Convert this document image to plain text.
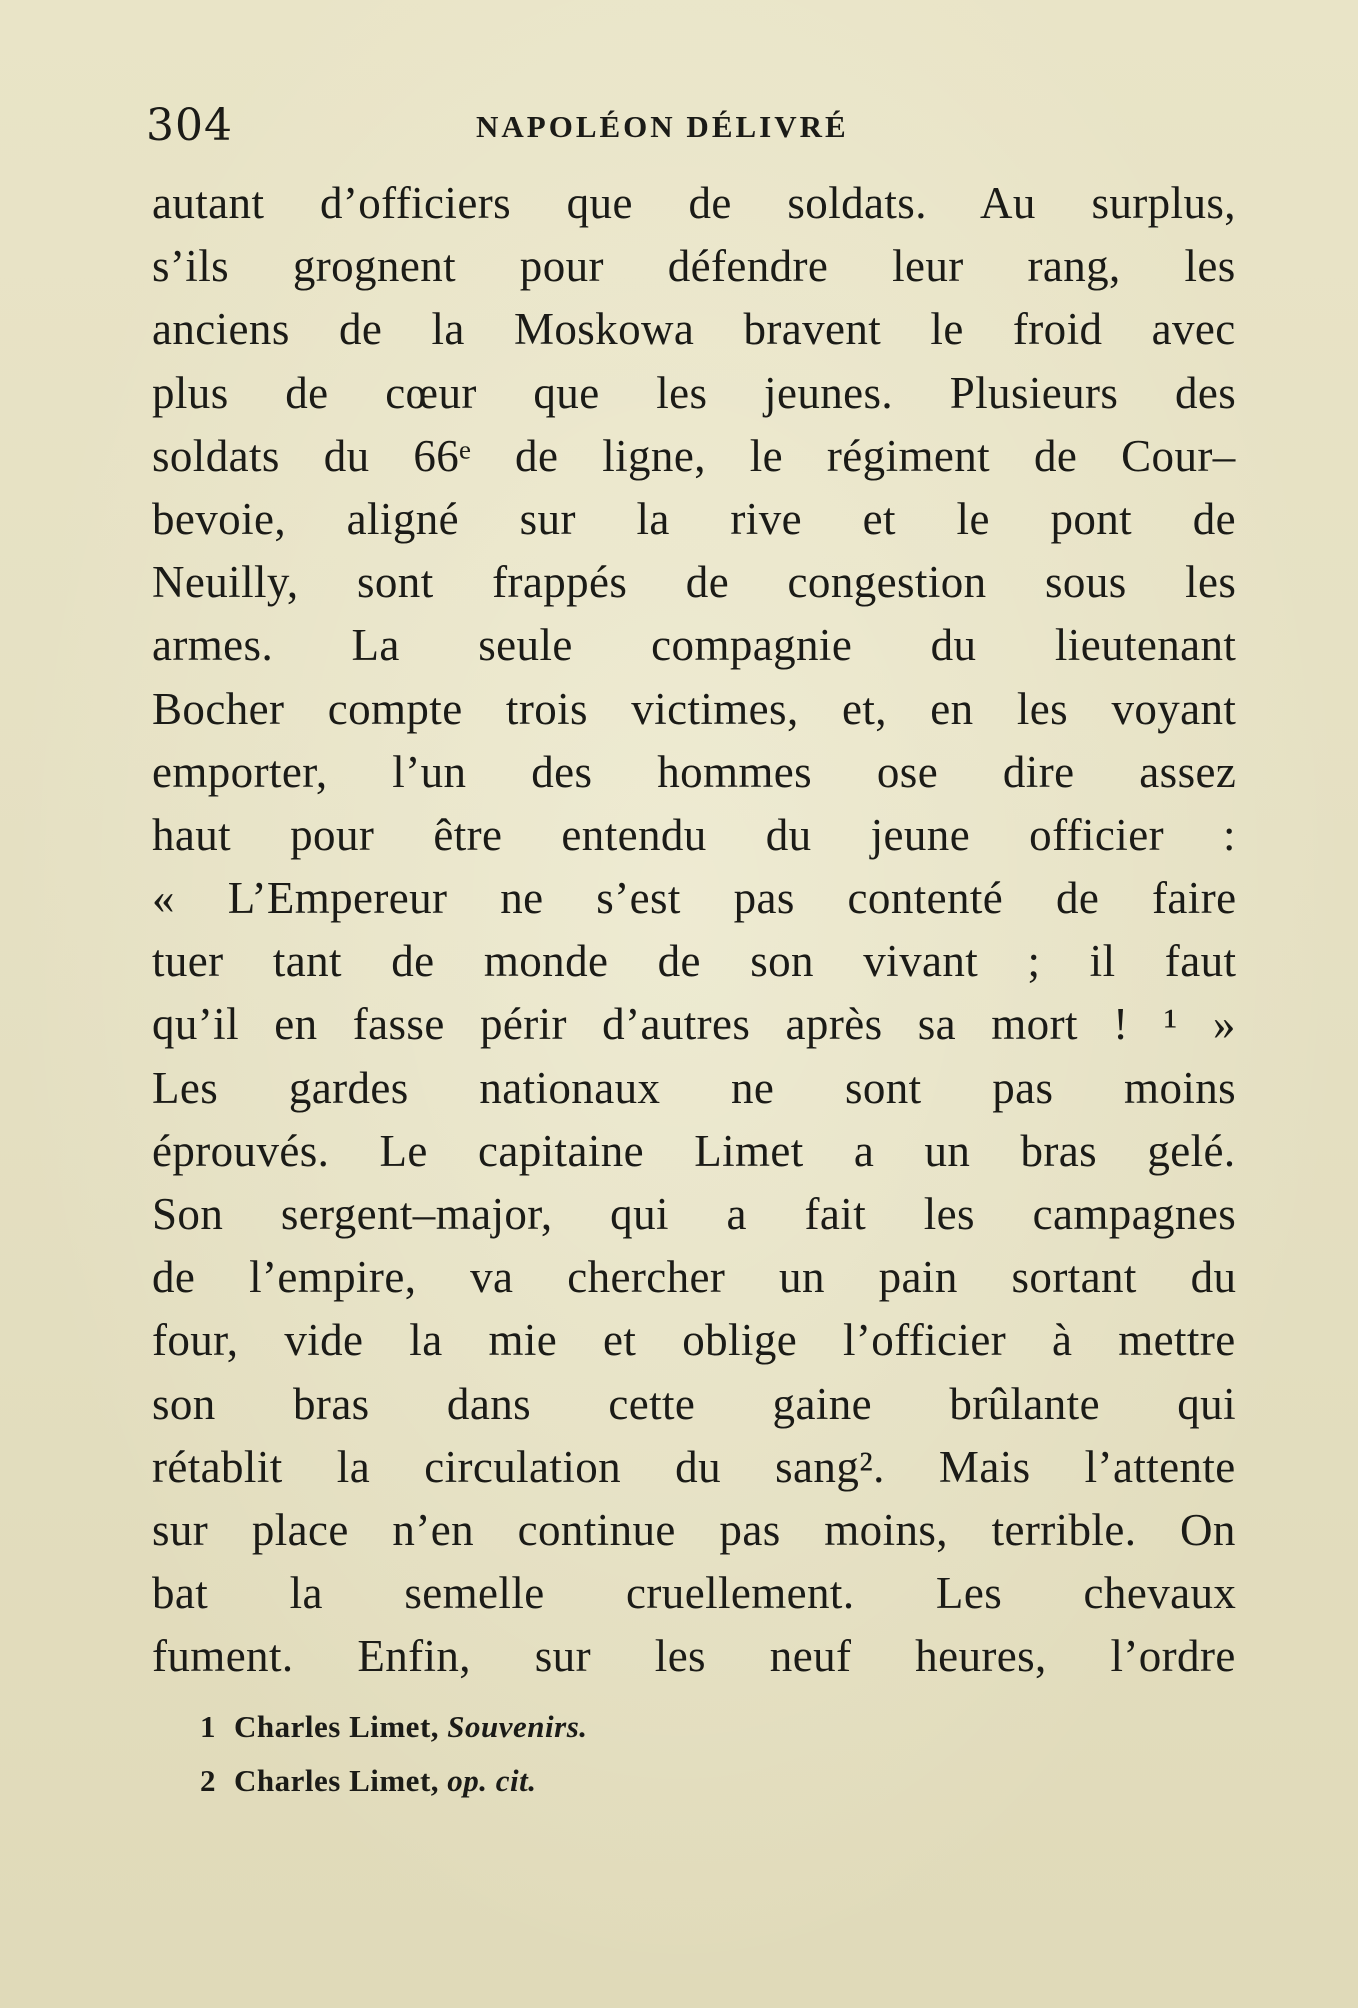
304	NAPOLÉON DÉLIVRÉ
autant d’officiers que de soldats. Au surplus,
s’ils grognent pour défendre leur rang, les
anciens de la Moskowa bravent le froid avec
plus de cœur que les jeunes. Plusieurs des
soldats du 66ᵉ de ligne, le régiment de Cour–
bevoie, aligné sur la rive et le pont de
Neuilly, sont frappés de congestion sous les
armes. La seule compagnie du lieutenant
Bocher compte trois victimes, et, en les voyant
emporter, l’un des hommes ose dire assez
haut pour être entendu du jeune officier :
« L’Empereur ne s’est pas contenté de faire
tuer tant de monde de son vivant ; il faut
qu’il en fasse périr d’autres après sa mort ! ¹ »
Les gardes nationaux ne sont pas moins
éprouvés. Le capitaine Limet a un bras gelé.
Son sergent–major, qui a fait les campagnes
de l’empire, va chercher un pain sortant du
four, vide la mie et oblige l’officier à mettre
son bras dans cette gaine brûlante qui
rétablit la circulation du sang². Mais l’attente
sur place n’en continue pas moins, terrible. On
bat la semelle cruellement. Les chevaux
fument. Enfin, sur les neuf heures, l’ordre
1 Charles Limet, Souvenirs.
2 Charles Limet, op. cit.
